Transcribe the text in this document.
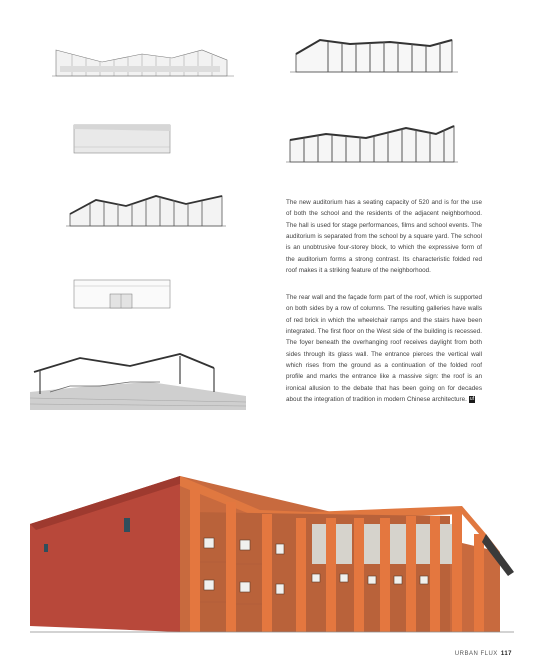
The new auditorium has a seating capacity of 520 and is for the use of both the school and the residents of the adjacent neighborhood. The hall is used for stage performances, films and school events. The auditorium is separated from the school by a square yard. The school is an unobtrusive four-storey block, to which the expressive form of the auditorium forms a strong contrast. Its characteristic folded red roof makes it a striking feature of the neighborhood.
The rear wall and the façade form part of the roof, which is supported on both sides by a row of columns. The resulting galleries have walls of red brick in which the wheelchair ramps and the stairs have been integrated. The first floor on the West side of the building is recessed. The foyer beneath the overhanging roof receives daylight from both sides through its glass wall. The entrance pierces the vertical wall which rises from the ground as a continuation of the folded roof profile and marks the entrance like a massive sign: the roof is an ironical allusion to the debate that has been going on for decades about the integration of tradition in modern Chinese architecture. uf
URBAN FLUX 117
